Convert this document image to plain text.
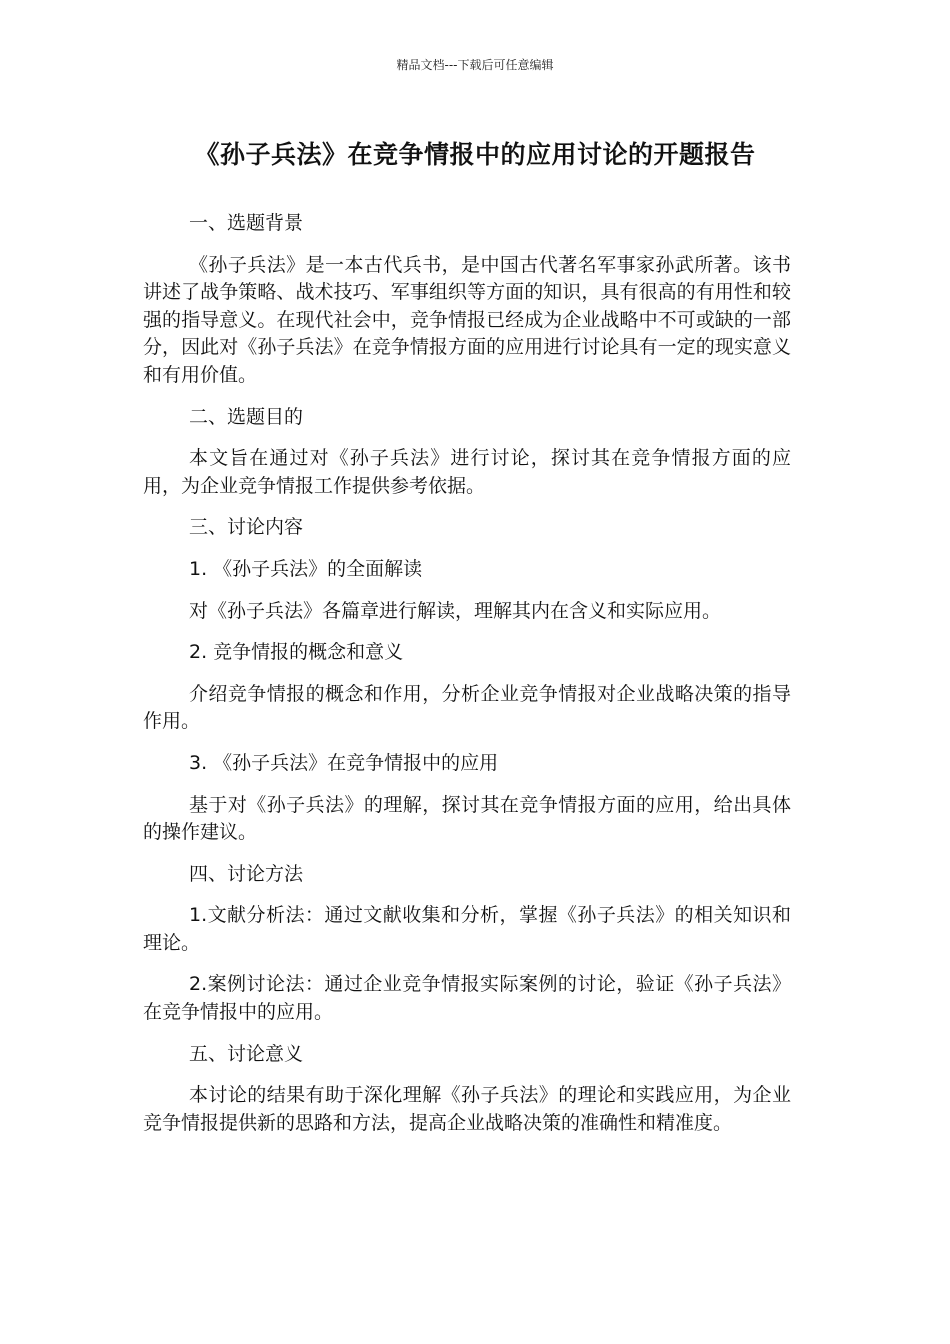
精品文档---下载后可任意编辑
《孙子兵法》在竞争情报中的应用讨论的开题报告

一、选题背景

《孙子兵法》是一本古代兵书，是中国古代著名军事家孙武所著。该书讲述了战争策略、战术技巧、军事组织等方面的知识，具有很高的有用性和较强的指导意义。在现代社会中，竞争情报已经成为企业战略中不可或缺的一部分，因此对《孙子兵法》在竞争情报方面的应用进行讨论具有一定的现实意义和有用价值。

二、选题目的

本文旨在通过对《孙子兵法》进行讨论，探讨其在竞争情报方面的应用，为企业竞争情报工作提供参考依据。

三、讨论内容

1. 《孙子兵法》的全面解读

对《孙子兵法》各篇章进行解读，理解其内在含义和实际应用。

2. 竞争情报的概念和意义

介绍竞争情报的概念和作用，分析企业竞争情报对企业战略决策的指导作用。

3. 《孙子兵法》在竞争情报中的应用

基于对《孙子兵法》的理解，探讨其在竞争情报方面的应用，给出具体的操作建议。

四、讨论方法

1.文献分析法：通过文献收集和分析，掌握《孙子兵法》的相关知识和理论。

2.案例讨论法：通过企业竞争情报实际案例的讨论，验证《孙子兵法》在竞争情报中的应用。

五、讨论意义

本讨论的结果有助于深化理解《孙子兵法》的理论和实践应用，为企业竞争情报提供新的思路和方法，提高企业战略决策的准确性和精准度。
